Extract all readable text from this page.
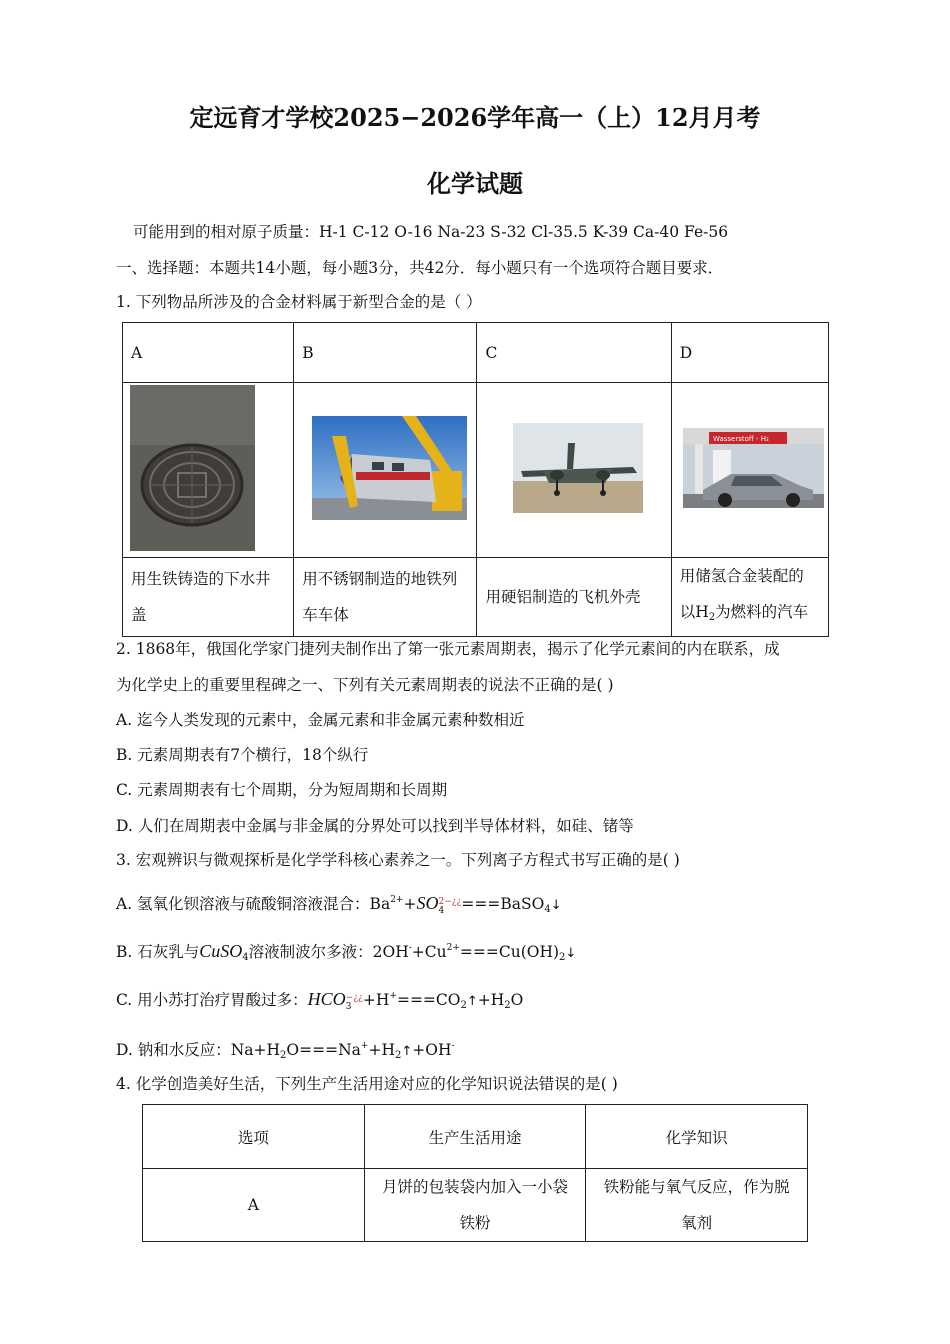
定远育才学校2025−2026学年高一（上）12月月考
化学试题
可能用到的相对原子质量：H-1 C-12 O-16 Na-23 S-32 Cl-35.5 K-39 Ca-40 Fe-56
一、选择题：本题共14小题，每小题3分，共42分．每小题只有一个选项符合题目要求．
1. 下列物品所涉及的合金材料属于新型合金的是（ ）
A	B	C	D

Wasserstoff - H₂

用生铁铸造的下水井盖	用不锈钢制造的地铁列车车体	用硬铝制造的飞机外壳	用储氢合金装配的
以$H_2$为燃料的汽车
2. 1868年，俄国化学家门捷列夫制作出了第一张元素周期表，揭示了化学元素间的内在联系，成
为化学史上的重要里程碑之一、下列有关元素周期表的说法不正确的是( )
A. 迄今人类发现的元素中，金属元素和非金属元素种数相近
B. 元素周期表有7个横行，18个纵行
C. 元素周期表有七个周期，分为短周期和长周期
D. 人们在周期表中金属与非金属的分界处可以找到半导体材料，如硅、锗等
3. 宏观辨识与微观探析是化学学科核心素养之一。下列离子方程式书写正确的是( )
A. 氢氧化钡溶液与硫酸铜溶液混合：$Ba^{2+}+SO$ 2−¿¿
4	===BaSO$_4$↓
B. 石灰乳与CuSO$_4$溶液制波尔多液：$2OH^-+Cu^{2+}===Cu(OH)_2↓$
C. 用小苏打治疗胃酸过多：HCO −¿¿
$3 +H^+===CO_2↑+H_2O$
D. 钠和水反应：$Na+H_2O===Na^++H_2↑+OH^-$
4. 化学创造美好生活，下列生产生活用途对应的化学知识说法错误的是( )
选项	生产生活用途	化学知识
A	月饼的包装袋内加入一小袋铁粉	铁粉能与氧气反应，作为脱氧剂
